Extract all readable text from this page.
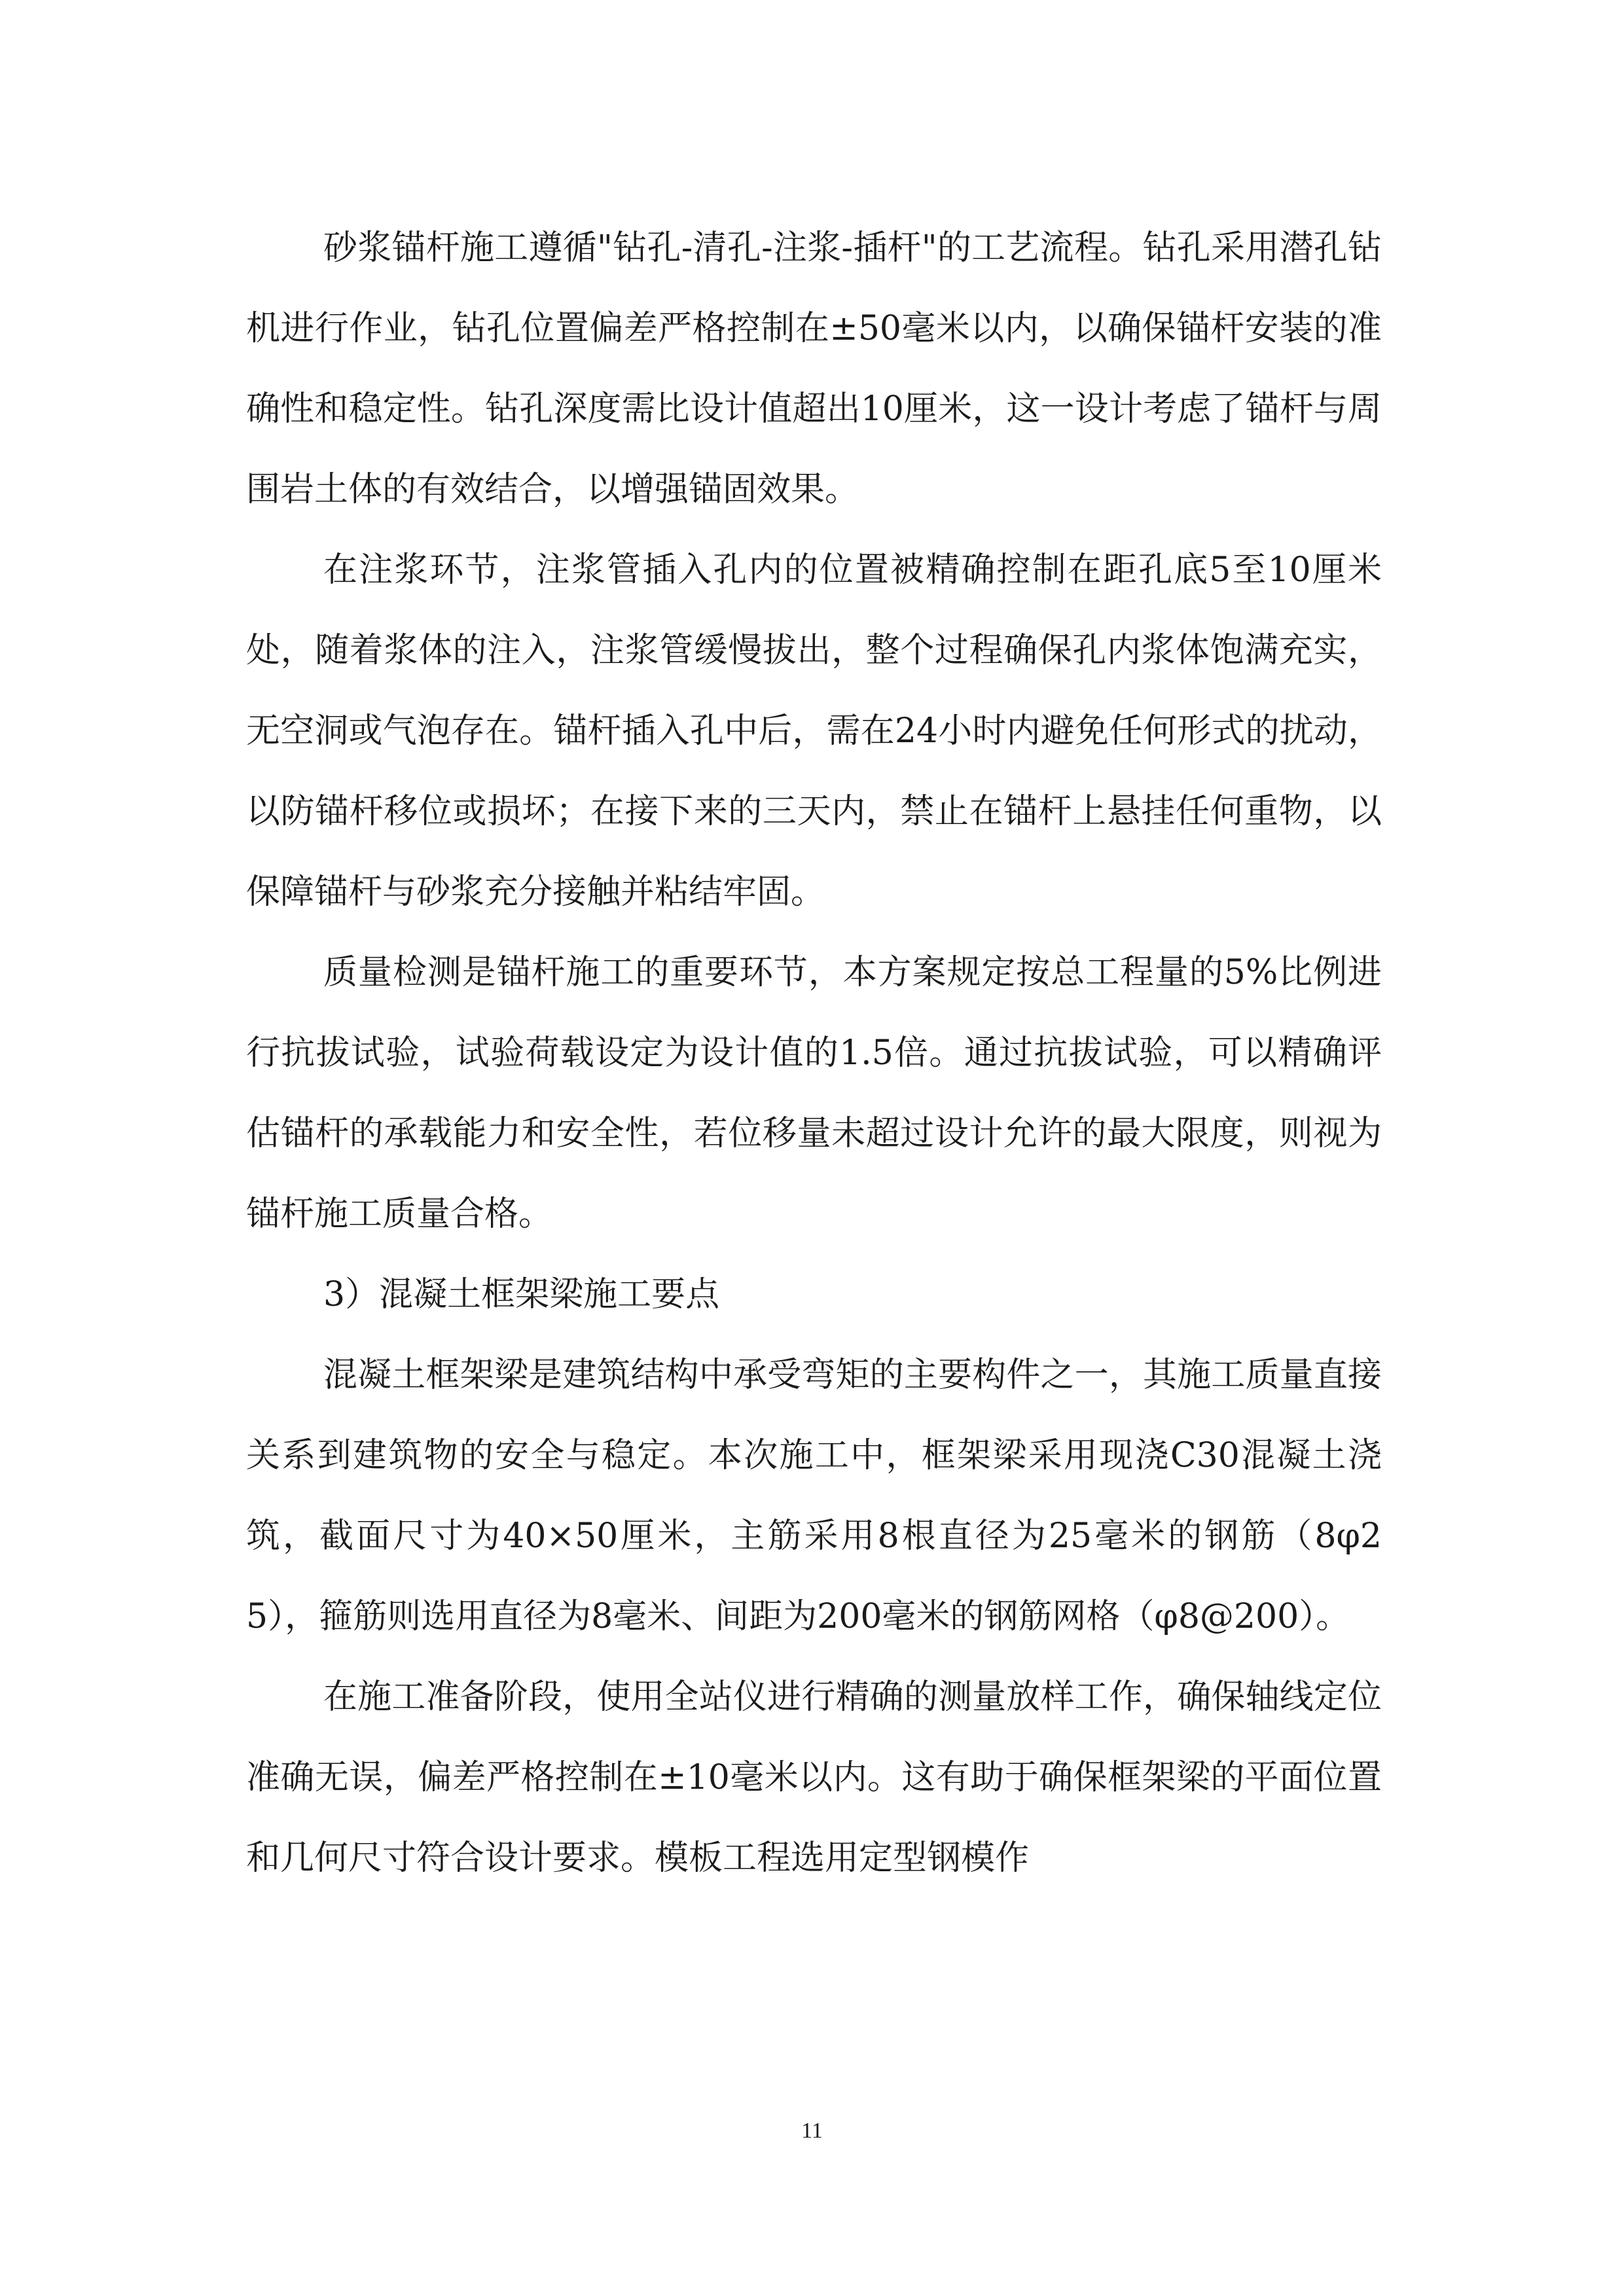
砂浆锚杆施工遵循"钻孔-清孔-注浆-插杆"的工艺流程。钻孔采用潜孔钻机进行作业，钻孔位置偏差严格控制在±50毫米以内，以确保锚杆安装的准确性和稳定性。钻孔深度需比设计值超出10厘米，这一设计考虑了锚杆与周围岩土体的有效结合，以增强锚固效果。

在注浆环节，注浆管插入孔内的位置被精确控制在距孔底5至10厘米处，随着浆体的注入，注浆管缓慢拔出，整个过程确保孔内浆体饱满充实，无空洞或气泡存在。锚杆插入孔中后，需在24小时内避免任何形式的扰动，以防锚杆移位或损坏；在接下来的三天内，禁止在锚杆上悬挂任何重物，以保障锚杆与砂浆充分接触并粘结牢固。

质量检测是锚杆施工的重要环节，本方案规定按总工程量的5%比例进行抗拔试验，试验荷载设定为设计值的1.5倍。通过抗拔试验，可以精确评估锚杆的承载能力和安全性，若位移量未超过设计允许的最大限度，则视为锚杆施工质量合格。

3）混凝土框架梁施工要点

混凝土框架梁是建筑结构中承受弯矩的主要构件之一，其施工质量直接关系到建筑物的安全与稳定。本次施工中，框架梁采用现浇C30混凝土浇筑，截面尺寸为40×50厘米，主筋采用8根直径为25毫米的钢筋（8φ25），箍筋则选用直径为8毫米、间距为200毫米的钢筋网格（φ8@200）。

在施工准备阶段，使用全站仪进行精确的测量放样工作，确保轴线定位准确无误，偏差严格控制在±10毫米以内。这有助于确保框架梁的平面位置和几何尺寸符合设计要求。模板工程选用定型钢模作

11
